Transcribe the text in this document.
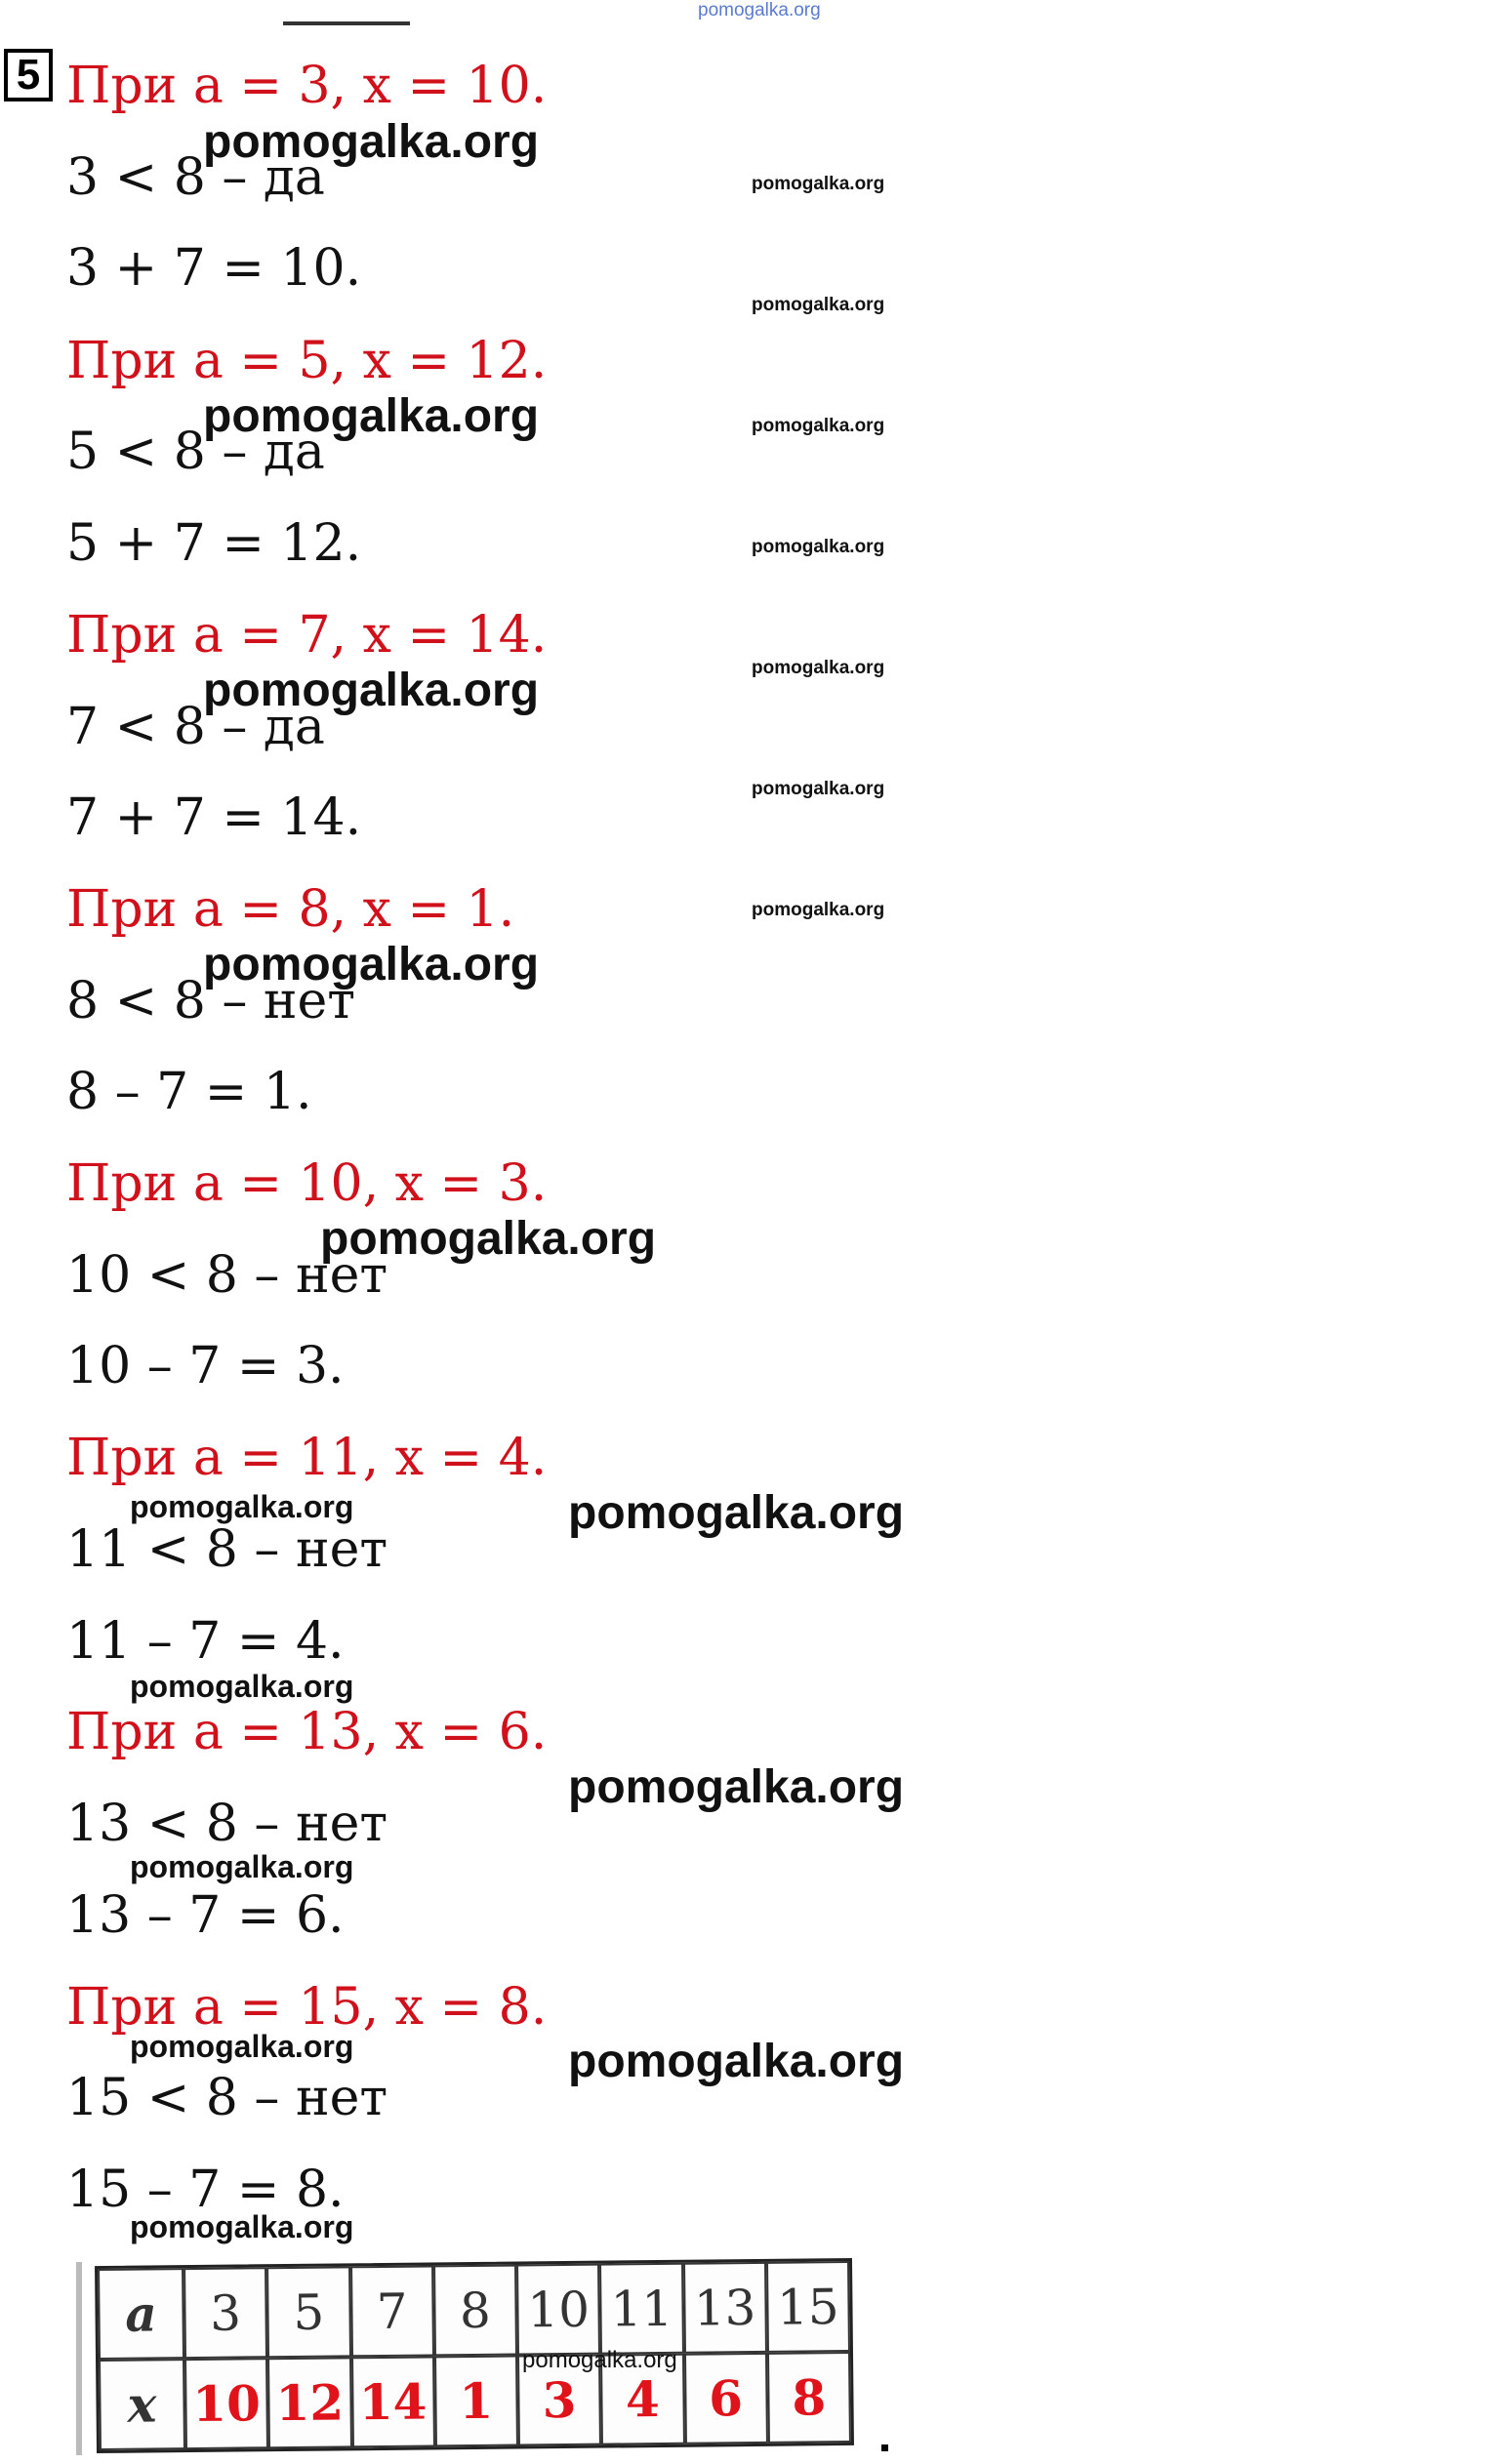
pomogalka.org
5 При a = 3, x = 10.
3 < 8 – да
3 + 7 = 10.
При a = 5, x = 12.
5 < 8 – да
5 + 7 = 12.
При a = 7, x = 14.
7 < 8 – да
7 + 7 = 14.
При a = 8, x = 1.
8 < 8 – нет
8 – 7 = 1.
При a = 10, x = 3.
10 < 8 – нет
10 – 7 = 3.
При a = 11, x = 4.
11 < 8 – нет
11 – 7 = 4.
При a = 13, x = 6.
13 < 8 – нет
13 – 7 = 6.
При a = 15, x = 8.
15 < 8 – нет
15 – 7 = 8.
pomogalka.org
pomogalka.org
pomogalka.org
pomogalka.org
pomogalka.org
pomogalka.org
pomogalka.org
pomogalka.org
pomogalka.org
pomogalka.org
pomogalka.org
pomogalka.org
pomogalka.org
pomogalka.org
pomogalka.org
pomogalka.org
pomogalka.org
pomogalka.org
pomogalka.org
pomogalka.org
a	3	5	7	8 10 11 13 15
x 10 12 14 1 3 4 6 8
pomogalka.org
